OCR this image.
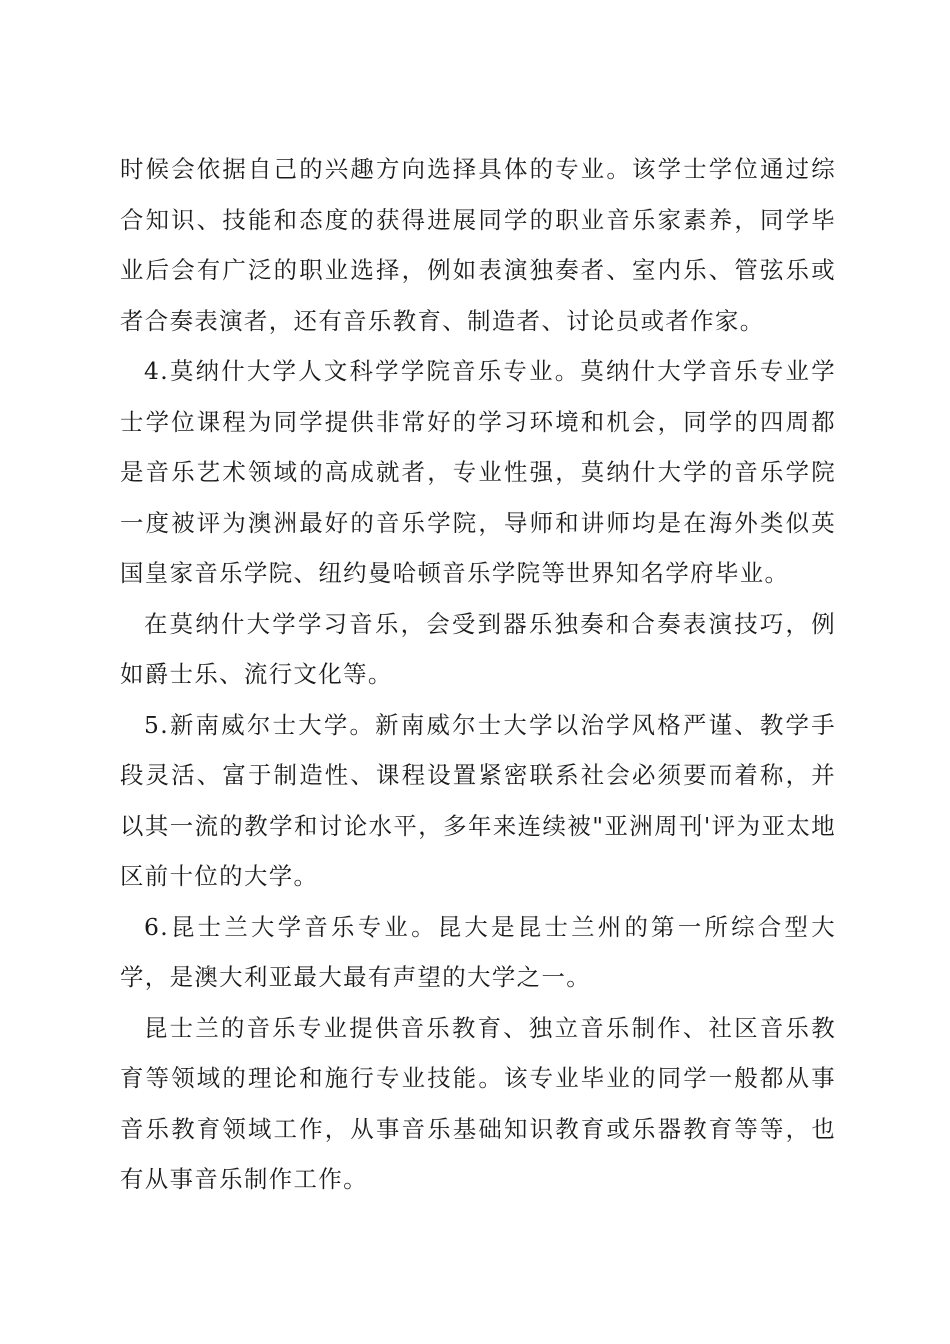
时候会依据自己的兴趣方向选择具体的专业。该学士学位通过综合知识、技能和态度的获得进展同学的职业音乐家素养，同学毕业后会有广泛的职业选择，例如表演独奏者、室内乐、管弦乐或者合奏表演者，还有音乐教育、制造者、讨论员或者作家。

4.莫纳什大学人文科学学院音乐专业。莫纳什大学音乐专业学士学位课程为同学提供非常好的学习环境和机会，同学的四周都是音乐艺术领域的高成就者，专业性强，莫纳什大学的音乐学院一度被评为澳洲最好的音乐学院，导师和讲师均是在海外类似英国皇家音乐学院、纽约曼哈顿音乐学院等世界知名学府毕业。

在莫纳什大学学习音乐，会受到器乐独奏和合奏表演技巧，例如爵士乐、流行文化等。

5.新南威尔士大学。新南威尔士大学以治学风格严谨、教学手段灵活、富于制造性、课程设置紧密联系社会必须要而着称，并以其一流的教学和讨论水平，多年来连续被"亚洲周刊'评为亚太地区前十位的大学。

6.昆士兰大学音乐专业。昆大是昆士兰州的第一所综合型大学，是澳大利亚最大最有声望的大学之一。

昆士兰的音乐专业提供音乐教育、独立音乐制作、社区音乐教育等领域的理论和施行专业技能。该专业毕业的同学一般都从事音乐教育领域工作，从事音乐基础知识教育或乐器教育等等，也有从事音乐制作工作。
